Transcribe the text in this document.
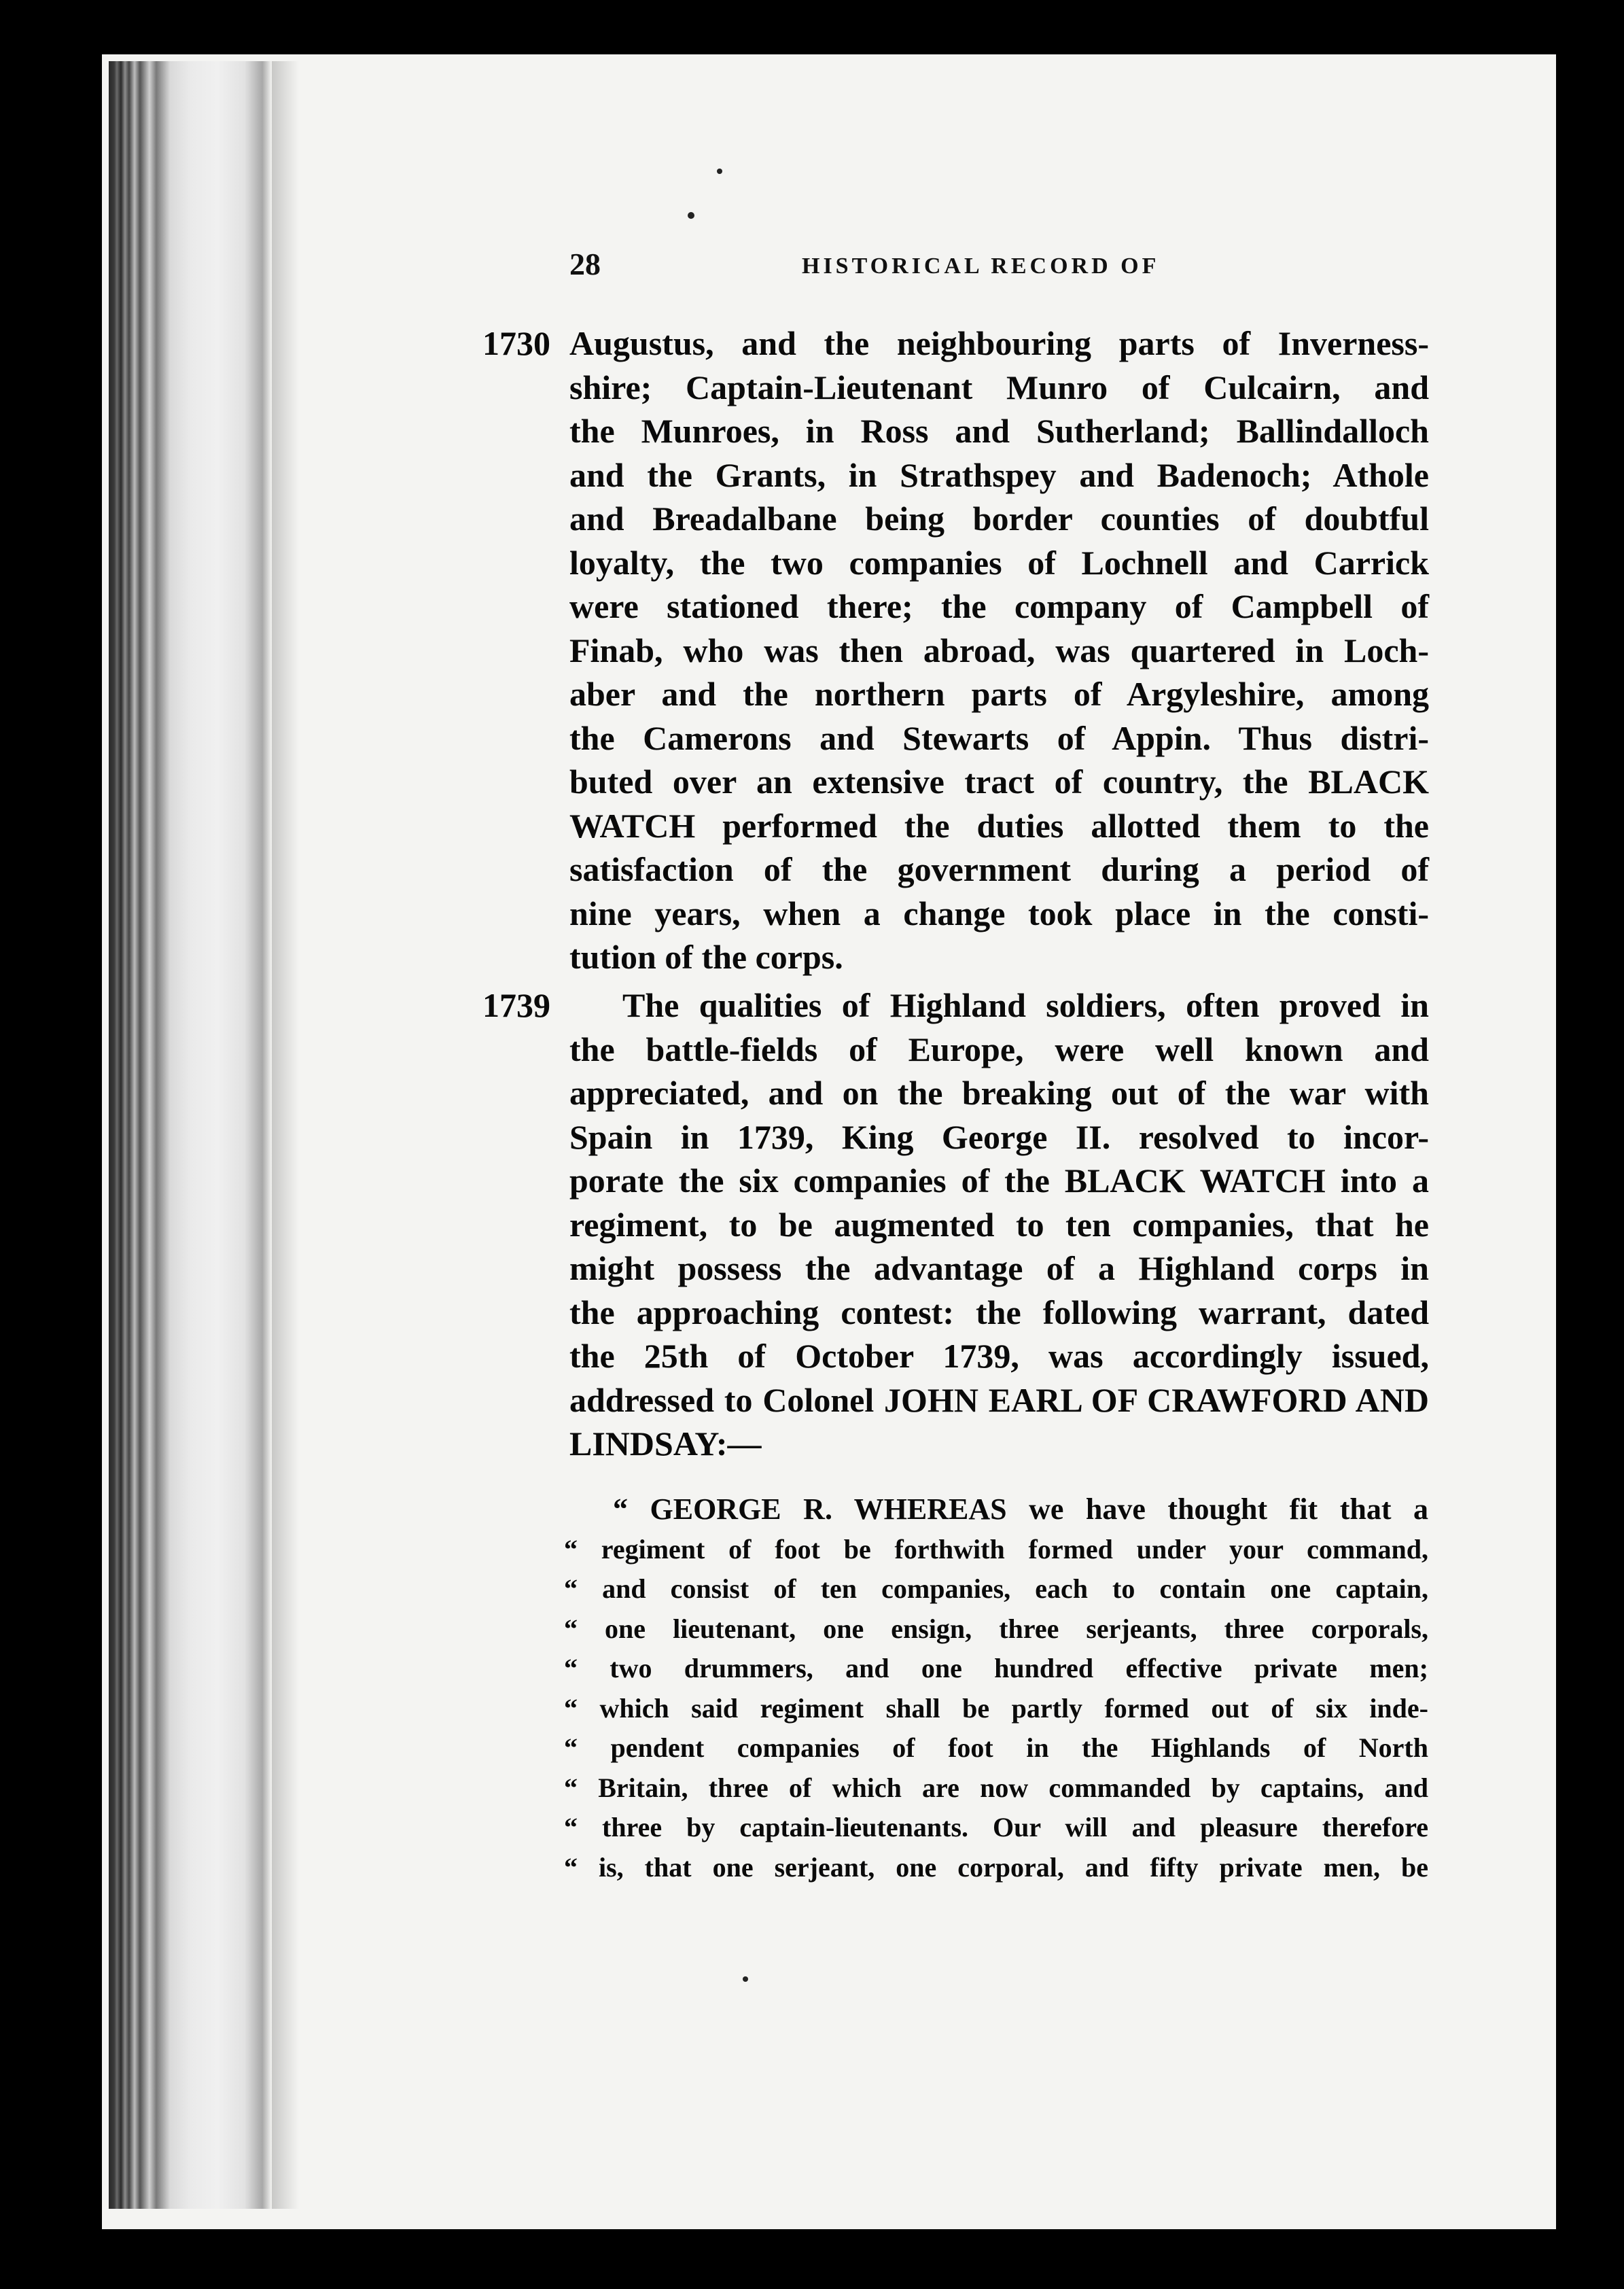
28	HISTORICAL RECORD OF
1730 Augustus, and the neighbouring parts of Inverness-
shire; Captain-Lieutenant Munro of Culcairn, and
the Munroes, in Ross and Sutherland; Ballindalloch
and the Grants, in Strathspey and Badenoch; Athole
and Breadalbane being border counties of doubtful
loyalty, the two companies of Lochnell and Carrick
were stationed there; the company of Campbell of
Finab, who was then abroad, was quartered in Loch-
aber and the northern parts of Argyleshire, among
the Camerons and Stewarts of Appin. Thus distri-
buted over an extensive tract of country, the BLACK
WATCH performed the duties allotted them to the
satisfaction of the government during a period of
nine years, when a change took place in the consti-
tution of the corps.
1739	The qualities of Highland soldiers, often proved in
the battle-fields of Europe, were well known and
appreciated, and on the breaking out of the war with
Spain in 1739, King George II. resolved to incor-
porate the six companies of the BLACK WATCH into a
regiment, to be augmented to ten companies, that he
might possess the advantage of a Highland corps in
the approaching contest: the following warrant, dated
the 25th of October 1739, was accordingly issued,
addressed to Colonel JOHN EARL OF CRAWFORD AND
LINDSAY:—
“ GEORGE R. WHEREAS we have thought fit that a
“ regiment of foot be forthwith formed under your command,
“ and consist of ten companies, each to contain one captain,
“ one lieutenant, one ensign, three serjeants, three corporals,
“ two drummers, and one hundred effective private men;
“ which said regiment shall be partly formed out of six inde-
“ pendent companies of foot in the Highlands of North
“ Britain, three of which are now commanded by captains, and
“ three by captain-lieutenants. Our will and pleasure therefore
“ is, that one serjeant, one corporal, and fifty private men, be
